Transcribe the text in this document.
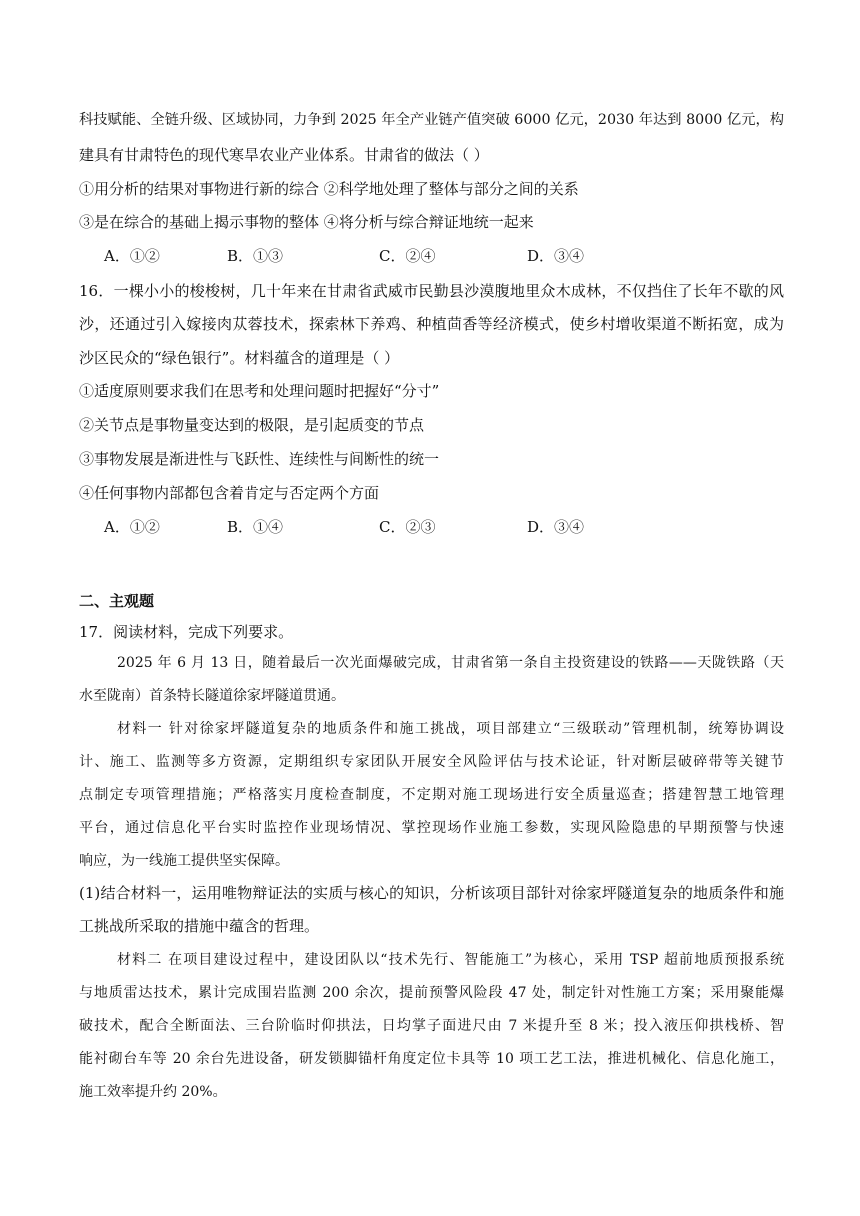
科技赋能、全链升级、区域协同，力争到 2025 年全产业链产值突破 6000 亿元，2030 年达到 8000 亿元，构
建具有甘肃特色的现代寒旱农业产业体系。甘肃省的做法（ ）
①用分析的结果对事物进行新的综合 ②科学地处理了整体与部分之间的关系
③是在综合的基础上揭示事物的整体 ④将分析与综合辩证地统一起来
A．①②	B．①③	C．②④	D．③④
16．一棵小小的梭梭树，几十年来在甘肃省武威市民勤县沙漠腹地里众木成林，不仅挡住了长年不歇的风
沙，还通过引入嫁接肉苁蓉技术，探索林下养鸡、种植茴香等经济模式，使乡村增收渠道不断拓宽，成为
沙区民众的“绿色银行”。材料蕴含的道理是（ ）
①适度原则要求我们在思考和处理问题时把握好“分寸”
②关节点是事物量变达到的极限，是引起质变的节点
③事物发展是渐进性与飞跃性、连续性与间断性的统一
④任何事物内部都包含着肯定与否定两个方面
A．①②	B．①④	C．②③	D．③④
二、主观题
17．阅读材料，完成下列要求。
2025 年 6 月 13 日，随着最后一次光面爆破完成，甘肃省第一条自主投资建设的铁路——天陇铁路（天
水至陇南）首条特长隧道徐家坪隧道贯通。
材料一 针对徐家坪隧道复杂的地质条件和施工挑战，项目部建立“三级联动”管理机制，统筹协调设
计、施工、监测等多方资源，定期组织专家团队开展安全风险评估与技术论证，针对断层破碎带等关键节
点制定专项管理措施；严格落实月度检查制度，不定期对施工现场进行安全质量巡查；搭建智慧工地管理
平台，通过信息化平台实时监控作业现场情况、掌控现场作业施工参数，实现风险隐患的早期预警与快速
响应，为一线施工提供坚实保障。
(1)结合材料一，运用唯物辩证法的实质与核心的知识，分析该项目部针对徐家坪隧道复杂的地质条件和施
工挑战所采取的措施中蕴含的哲理。
材料二 在项目建设过程中，建设团队以“技术先行、智能施工”为核心，采用 TSP 超前地质预报系统
与地质雷达技术，累计完成围岩监测 200 余次，提前预警风险段 47 处，制定针对性施工方案；采用聚能爆
破技术，配合全断面法、三台阶临时仰拱法，日均掌子面进尺由 7 米提升至 8 米；投入液压仰拱栈桥、智
能衬砌台车等 20 余台先进设备，研发锁脚锚杆角度定位卡具等 10 项工艺工法，推进机械化、信息化施工，
施工效率提升约 20%。
